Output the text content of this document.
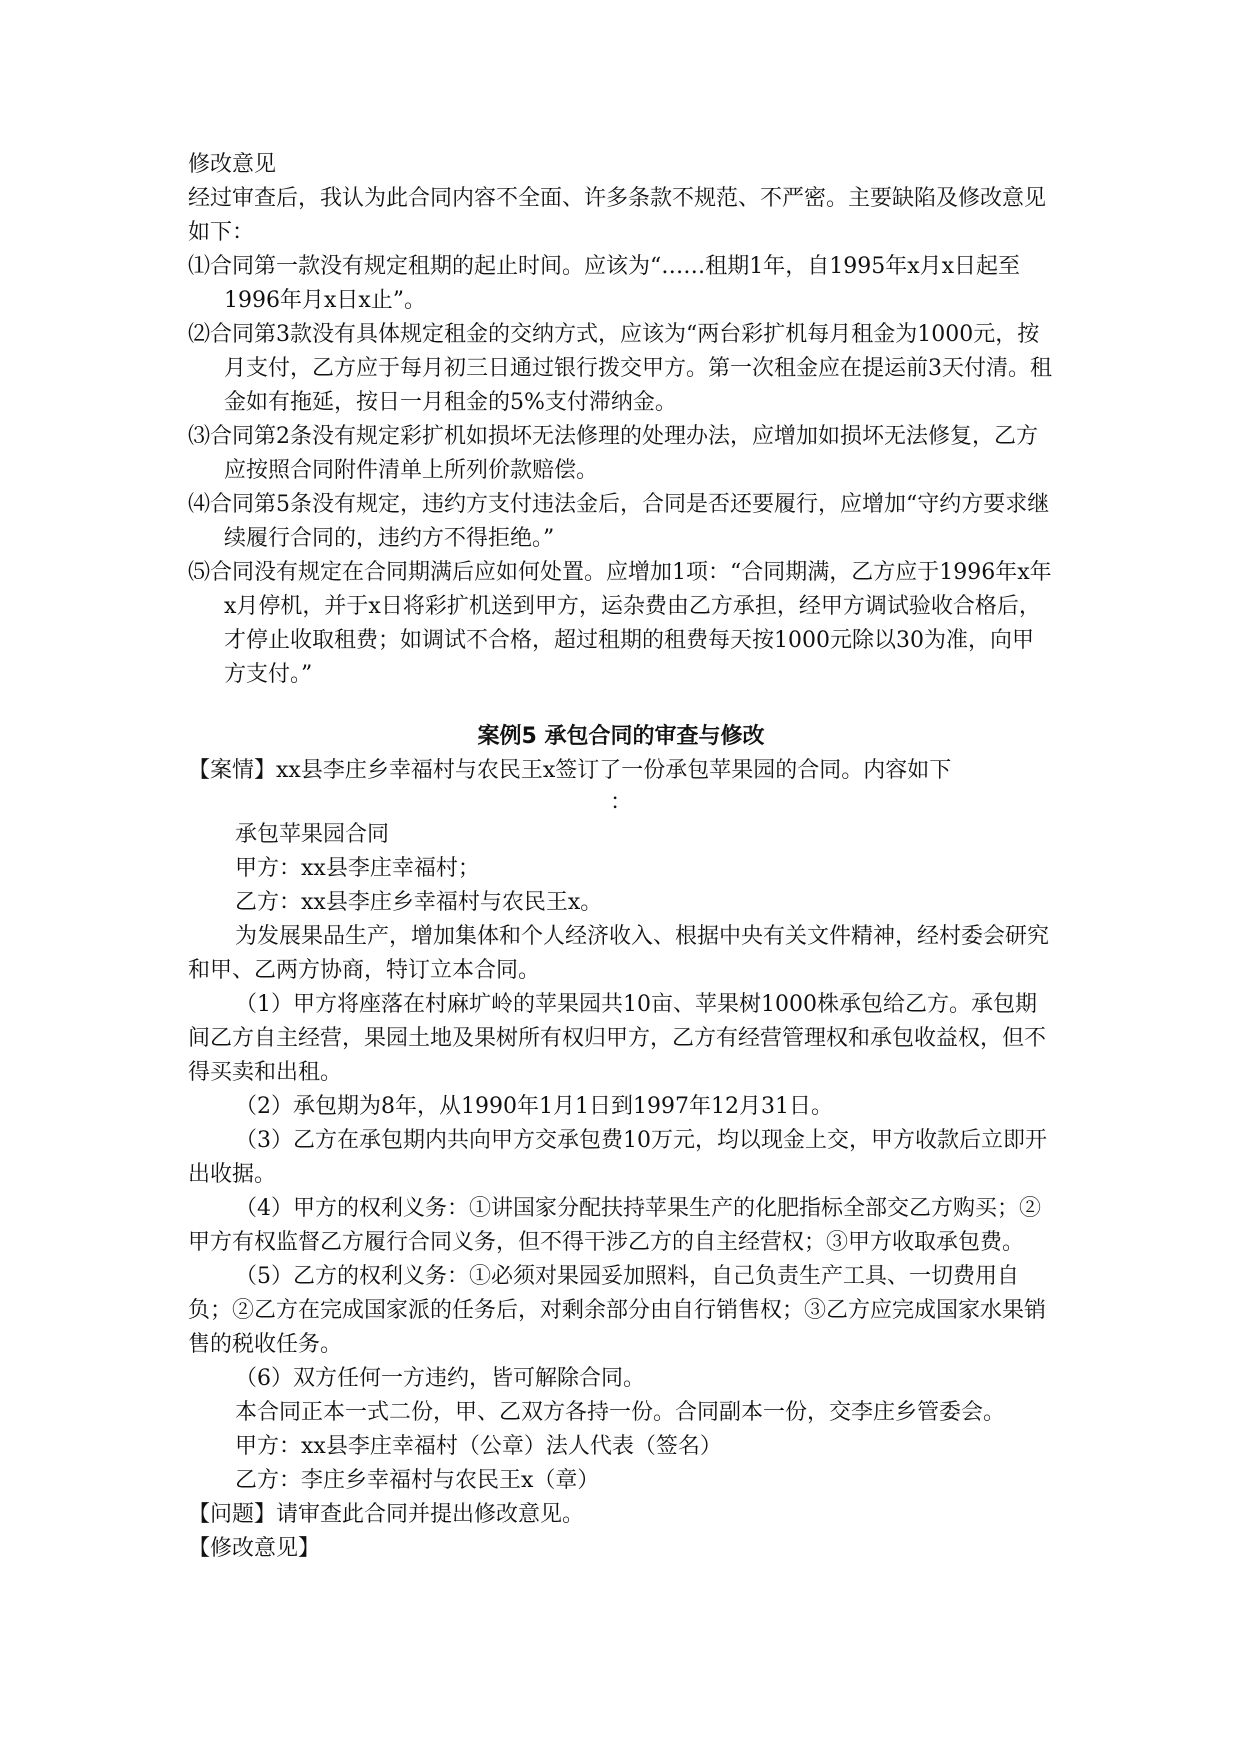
修改意见

经过审查后，我认为此合同内容不全面、许多条款不规范、不严密。主要缺陷及修改意见如下：

⑴合同第一款没有规定租期的起止时间。应该为“……租期1年，自1995年x月x日起至1996年月x日x止”。

⑵合同第3款没有具体规定租金的交纳方式，应该为“两台彩扩机每月租金为1000元，按月支付，乙方应于每月初三日通过银行拨交甲方。第一次租金应在提运前3天付清。租金如有拖延，按日一月租金的5%支付滞纳金。

⑶合同第2条没有规定彩扩机如损坏无法修理的处理办法，应增加如损坏无法修复，乙方应按照合同附件清单上所列价款赔偿。

⑷合同第5条没有规定，违约方支付违法金后，合同是否还要履行，应增加“守约方要求继续履行合同的，违约方不得拒绝。”

⑸合同没有规定在合同期满后应如何处置。应增加1项：“合同期满，乙方应于1996年x年x月停机，并于x日将彩扩机送到甲方，运杂费由乙方承担，经甲方调试验收合格后，才停止收取租费；如调试不合格，超过租期的租费每天按1000元除以30为准，向甲方支付。”

案例5 承包合同的审查与修改

【案情】xx县李庄乡幸福村与农民王x签订了一份承包苹果园的合同。内容如下

：

承包苹果园合同

甲方：xx县李庄幸福村；

乙方：xx县李庄乡幸福村与农民王x。

为发展果品生产，增加集体和个人经济收入、根据中央有关文件精神，经村委会研究和甲、乙两方协商，特订立本合同。

（1）甲方将座落在村麻圹岭的苹果园共10亩、苹果树1000株承包给乙方。承包期间乙方自主经营，果园土地及果树所有权归甲方，乙方有经营管理权和承包收益权，但不得买卖和出租。

（2）承包期为8年，从1990年1月1日到1997年12月31日。

（3）乙方在承包期内共向甲方交承包费10万元，均以现金上交，甲方收款后立即开出收据。

（4）甲方的权利义务：①讲国家分配扶持苹果生产的化肥指标全部交乙方购买；②甲方有权监督乙方履行合同义务，但不得干涉乙方的自主经营权；③甲方收取承包费。

（5）乙方的权利义务：①必须对果园妥加照料，自己负责生产工具、一切费用自负；②乙方在完成国家派的任务后，对剩余部分由自行销售权；③乙方应完成国家水果销售的税收任务。

（6）双方任何一方违约，皆可解除合同。

本合同正本一式二份，甲、乙双方各持一份。合同副本一份，交李庄乡管委会。

甲方：xx县李庄幸福村（公章）法人代表（签名）

乙方：李庄乡幸福村与农民王x（章）

【问题】请审查此合同并提出修改意见。

【修改意见】
